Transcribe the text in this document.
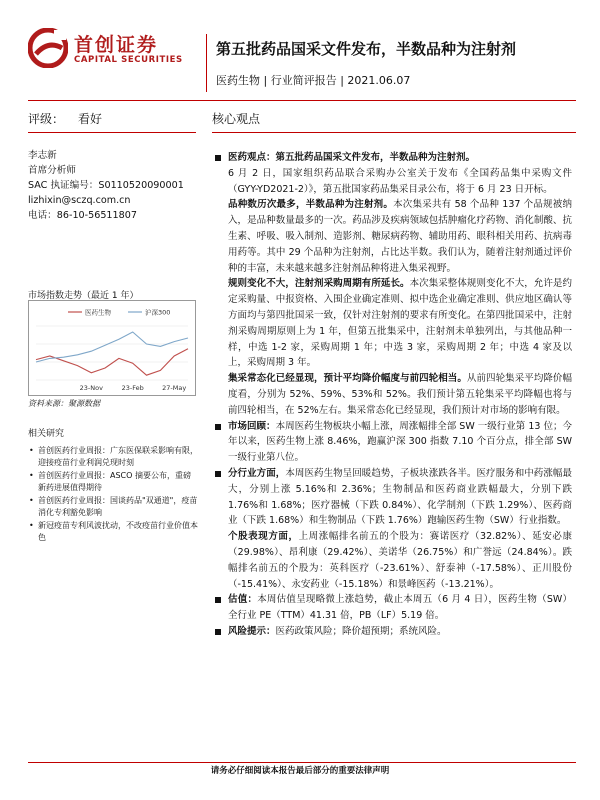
首创证券
CAPITAL SECURITIES
第五批药品国采文件发布，半数品种为注射剂
医药生物 | 行业简评报告 | 2021.06.07
评级： 看好
李志新
首席分析师
SAC 执证编号：S0110520090001
lizhixin@sczq.com.cn
电话：86-10-56511807
市场指数走势（最近 1 年）
23-Nov	23-Feb	27-May
医药生物	沪深300
资料来源：聚源数据
相关研究
• 首创医药行业周报：广东医保联采影响有限，迎接疫苗行业利润兑现时刻
• 首创医药行业周报：ASCO 摘要公布，重磅新药进展值得期待
• 首创医药行业周报：国谈药品"双通道"，疫苗消化专利豁免影响
• 新冠疫苗专利风波扰动，不改疫苗行业价值本色
核心观点

医药观点：第五批药品国采文件发布，半数品种为注射剂。

6 月 2 日，国家组织药品联合采购办公室关于发布《全国药品集中采购文件（GYY-YD2021-2）》，第五批国家药品集采目录公布，将于 6 月 23 日开标。

品种数历次最多，半数品种为注射剂。本次集采共有 58 个品种 137 个品规被纳入，是品种数量最多的一次。药品涉及疾病领域包括肿瘤化疗药物、消化制酸、抗生素、呼吸、吸入制剂、造影剂、糖尿病药物、辅助用药、眼科相关用药、抗病毒用药等。其中 29 个品种为注射剂，占比达半数。我们认为，随着注射剂通过评价种的丰富，未来越来越多注射剂品种将进入集采视野。

规则变化不大，注射剂采购周期有所延长。本次集采整体规则变化不大，允许是约定采购量、中报资格、入围企业确定准则、拟中选企业确定准则、供应地区确认等方面均与第四批国采一致，仅针对注射剂的要求有所变化。在第四批国采中，注射剂采购周期原则上为 1 年，但第五批集采中，注射剂未单独列出，与其他品种一样，中选 1-2 家，采购周期 1 年；中选 3 家，采购周期 2 年；中选 4 家及以上，采购周期 3 年。

集采常态化已经显现，预计平均降价幅度与前四轮相当。从前四轮集采平均降价幅度看，分别为 52%、59%、53%和 52%。我们预计第五轮集采平均降幅也将与前四轮相当，在 52%左右。集采常态化已经显现，我们预计对市场的影响有限。

市场回顾：本周医药生物板块小幅上涨，周涨幅排全部 SW 一级行业第 13 位；今年以来，医药生物上涨 8.46%，跑赢沪深 300 指数 7.10 个百分点，排全部 SW 一级行业第八位。

分行业方面，本周医药生物呈回暖趋势，子板块涨跌各半。医疗服务和中药涨幅最大，分别上涨 5.16%和 2.36%；生物制品和医药商业跌幅最大，分别下跌 1.76%和 1.68%；医疗器械（下跌 0.84%）、化学制剂（下跌 1.29%）、医药商业（下跌 1.68%）和生物制品（下跌 1.76%）跑输医药生物（SW）行业指数。

个股表现方面，上周涨幅排名前五的个股为：赛诺医疗（32.82%）、延安必康（29.98%）、昂利康（29.42%）、美诺华（26.75%）和广誉远（24.84%）。跌幅排名前五的个股为：英科医疗（-23.61%）、舒泰神（-17.58%）、正川股份（-15.41%）、永安药业（-15.18%）和景峰医药（-13.21%）。

估值：本周估值呈现略微上涨趋势，截止本周五（6 月 4 日），医药生物（SW）全行业 PE（TTM）41.31 倍，PB（LF）5.19 倍。

风险提示：医药政策风险；降价超预期；系统风险。

请务必仔细阅读本报告最后部分的重要法律声明
